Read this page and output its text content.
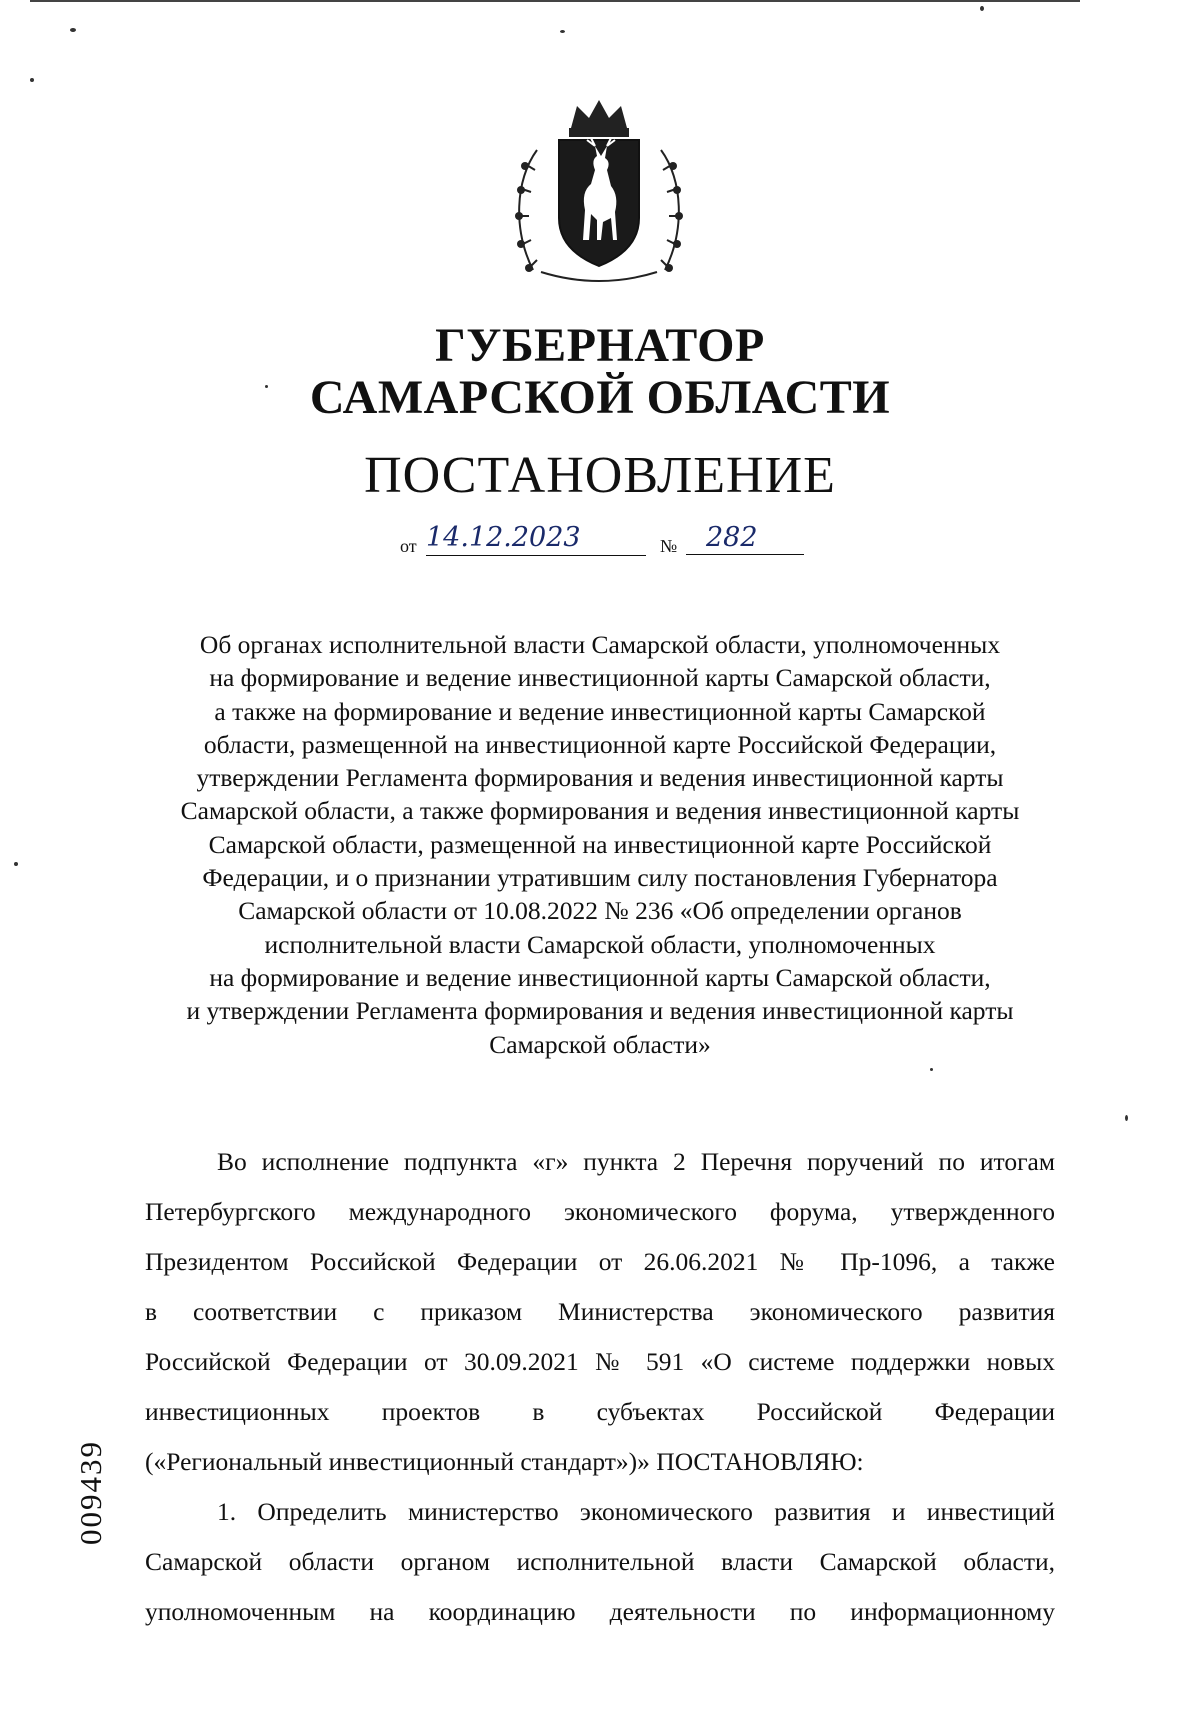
ГУБЕРНАТОР
САМАРСКОЙ ОБЛАСТИ
ПОСТАНОВЛЕНИЕ
от 14.12.2023	№	282
Об органах исполнительной власти Самарской области, уполномоченных
на формирование и ведение инвестиционной карты Самарской области,
а также на формирование и ведение инвестиционной карты Самарской
области, размещенной на инвестиционной карте Российской Федерации,
утверждении Регламента формирования и ведения инвестиционной карты
Самарской области, а также формирования и ведения инвестиционной карты
Самарской области, размещенной на инвестиционной карте Российской
Федерации, и о признании утратившим силу постановления Губернатора
Самарской области от 10.08.2022 № 236 «Об определении органов
исполнительной власти Самарской области, уполномоченных
на формирование и ведение инвестиционной карты Самарской области,
и утверждении Регламента формирования и ведения инвестиционной карты
Самарской области»
Во исполнение подпункта «г» пункта 2 Перечня поручений по итогам
Петербургского международного экономического форума, утвержденного
Президентом Российской Федерации от 26.06.2021 № Пр-1096, а также
в соответствии с приказом Министерства экономического развития
Российской Федерации от 30.09.2021 № 591 «О системе поддержки новых
инвестиционных проектов в субъектах Российской Федерации
(«Региональный инвестиционный стандарт»)» ПОСТАНОВЛЯЮ:
1. Определить министерство экономического развития и инвестиций
Самарской области органом исполнительной власти Самарской области,
уполномоченным на координацию деятельности по информационному
009439
